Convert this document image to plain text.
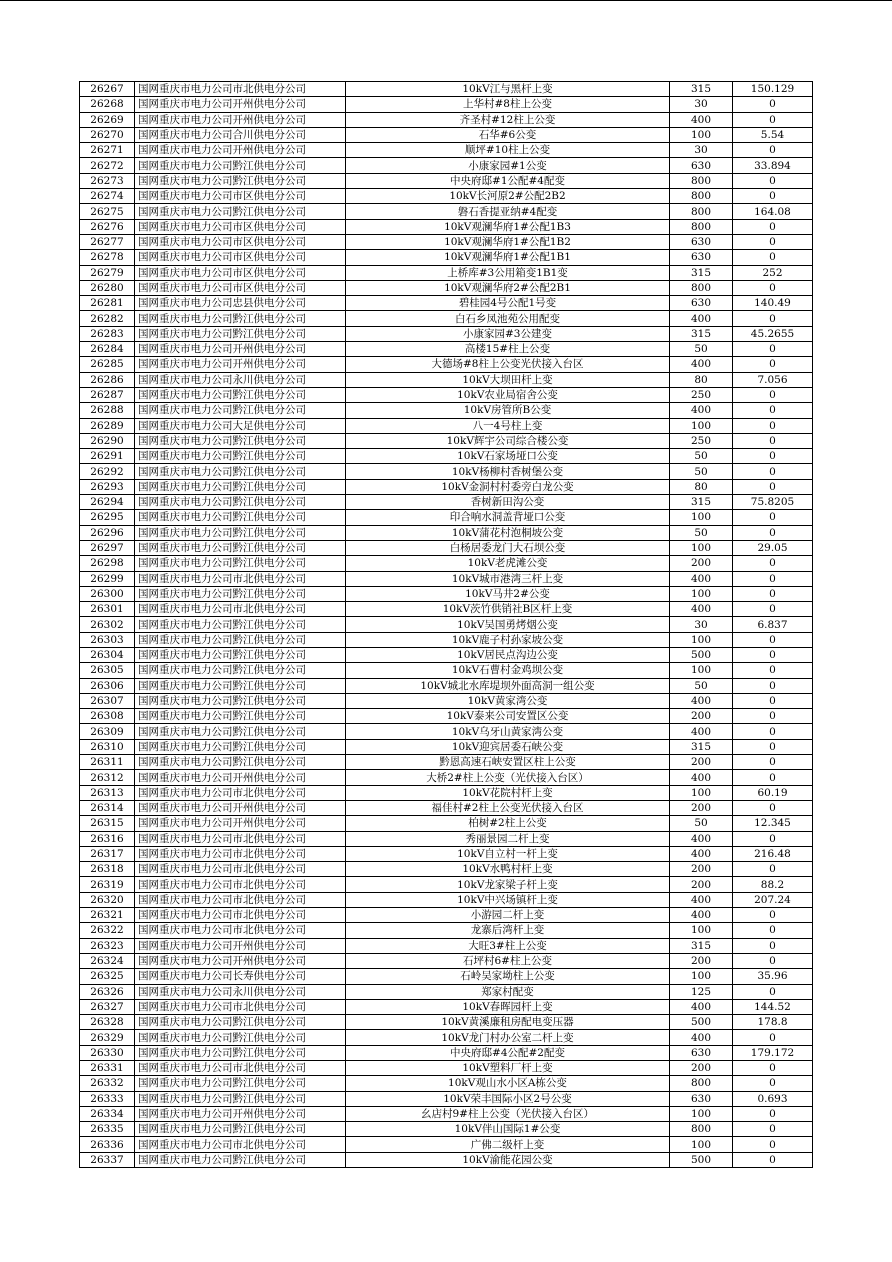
26267	国网重庆市电力公司市北供电分公司	10kV江与黑杆上变	315	150.129
26268	国网重庆市电力公司开州供电分公司	上华村#8柱上公变	30	0
26269	国网重庆市电力公司开州供电分公司	齐圣村#12柱上公变	400	0
26270	国网重庆市电力公司合川供电分公司	石华#6公变	100	5.54
26271	国网重庆市电力公司开州供电分公司	顺坪#10柱上公变	30	0
26272	国网重庆市电力公司黔江供电分公司	小康家园#1公变	630	33.894
26273	国网重庆市电力公司黔江供电分公司	中央府邸#1公配#4配变	800	0
26274	国网重庆市电力公司市区供电分公司	10kV长河原2#公配2B2	800	0
26275	国网重庆市电力公司黔江供电分公司	磐石香提亚纳#4配变	800	164.08
26276	国网重庆市电力公司市区供电分公司	10kV观澜华府1#公配1B3	800	0
26277	国网重庆市电力公司市区供电分公司	10kV观澜华府1#公配1B2	630	0
26278	国网重庆市电力公司市区供电分公司	10kV观澜华府1#公配1B1	630	0
26279	国网重庆市电力公司市区供电分公司	上桥库#3公用箱变1B1变	315	252
26280	国网重庆市电力公司市区供电分公司	10kV观澜华府2#公配2B1	800	0
26281	国网重庆市电力公司忠县供电分公司	碧桂园4号公配1号变	630	140.49
26282	国网重庆市电力公司黔江供电分公司	白石乡凤池苑公用配变	400	0
26283	国网重庆市电力公司黔江供电分公司	小康家园#3公建变	315	45.2655
26284	国网重庆市电力公司开州供电分公司	高楼15#柱上公变	50	0
26285	国网重庆市电力公司开州供电分公司	大德场#8柱上公变光伏接入台区	400	0
26286	国网重庆市电力公司永川供电分公司	10kV大坝田杆上变	80	7.056
26287	国网重庆市电力公司黔江供电分公司	10kV农业局宿舍公变	250	0
26288	国网重庆市电力公司黔江供电分公司	10kV房管所B公变	400	0
26289	国网重庆市电力公司大足供电分公司	八一4号柱上变	100	0
26290	国网重庆市电力公司黔江供电分公司	10kV辉宇公司综合楼公变	250	0
26291	国网重庆市电力公司黔江供电分公司	10kV石家场垭口公变	50	0
26292	国网重庆市电力公司黔江供电分公司	10kV杨柳村香树堡公变	50	0
26293	国网重庆市电力公司黔江供电分公司	10kV金洞村村委旁白龙公变	80	0
26294	国网重庆市电力公司黔江供电分公司	香树新田沟公变	315	75.8205
26295	国网重庆市电力公司黔江供电分公司	印合响水洞盖背垭口公变	100	0
26296	国网重庆市电力公司黔江供电分公司	10kV蒲花村泡桐坡公变	50	0
26297	国网重庆市电力公司黔江供电分公司	白杨居委龙门大石坝公变	100	29.05
26298	国网重庆市电力公司黔江供电分公司	10kV老虎滩公变	200	0
26299	国网重庆市电力公司市北供电分公司	10kV城市港湾三杆上变	400	0
26300	国网重庆市电力公司黔江供电分公司	10kV马井2#公变	100	0
26301	国网重庆市电力公司市北供电分公司	10kV茨竹供销社B区杆上变	400	0
26302	国网重庆市电力公司黔江供电分公司	10kV吴国勇烤烟公变	30	6.837
26303	国网重庆市电力公司黔江供电分公司	10kV鹿子村孙家坡公变	100	0
26304	国网重庆市电力公司黔江供电分公司	10kV居民点沟边公变	500	0
26305	国网重庆市电力公司黔江供电分公司	10kV石曹村金鸡坝公变	100	0
26306	国网重庆市电力公司黔江供电分公司	10kV城北水库堤坝外面高洞一组公变	50	0
26307	国网重庆市电力公司黔江供电分公司	10kV黄家湾公变	400	0
26308	国网重庆市电力公司黔江供电分公司	10kV泰来公司安置区公变	200	0
26309	国网重庆市电力公司黔江供电分公司	10kV乌牙山黄家湾公变	400	0
26310	国网重庆市电力公司黔江供电分公司	10kV迎宾居委石峡公变	315	0
26311	国网重庆市电力公司黔江供电分公司	黔恩高速石峡安置区柱上公变	200	0
26312	国网重庆市电力公司开州供电分公司	大桥2#柱上公变（光伏接入台区）	400	0
26313	国网重庆市电力公司市北供电分公司	10kV花院村杆上变	100	60.19
26314	国网重庆市电力公司开州供电分公司	福佳村#2柱上公变光伏接入台区	200	0
26315	国网重庆市电力公司开州供电分公司	柏树#2柱上公变	50	12.345
26316	国网重庆市电力公司市北供电分公司	秀丽景园二杆上变	400	0
26317	国网重庆市电力公司市北供电分公司	10kV自立村一杆上变	400	216.48
26318	国网重庆市电力公司市北供电分公司	10kV水鸭村杆上变	200	0
26319	国网重庆市电力公司市北供电分公司	10kV龙家梁子杆上变	200	88.2
26320	国网重庆市电力公司市北供电分公司	10kV中兴场镇杆上变	400	207.24
26321	国网重庆市电力公司市北供电分公司	小游园二杆上变	400	0
26322	国网重庆市电力公司市北供电分公司	龙寨后湾杆上变	100	0
26323	国网重庆市电力公司开州供电分公司	大旺3#柱上公变	315	0
26324	国网重庆市电力公司开州供电分公司	石坪村6#柱上公变	200	0
26325	国网重庆市电力公司长寿供电分公司	石岭吴家坳柱上公变	100	35.96
26326	国网重庆市电力公司永川供电分公司	郑家村配变	125	0
26327	国网重庆市电力公司市北供电分公司	10kV春晖园杆上变	400	144.52
26328	国网重庆市电力公司黔江供电分公司	10kV黄溪廉租房配电变压器	500	178.8
26329	国网重庆市电力公司黔江供电分公司	10kV龙门村办公室二杆上变	400	0
26330	国网重庆市电力公司黔江供电分公司	中央府邸#4公配#2配变	630	179.172
26331	国网重庆市电力公司市北供电分公司	10kV塑料厂杆上变	200	0
26332	国网重庆市电力公司黔江供电分公司	10kV观山水小区A栋公变	800	0
26333	国网重庆市电力公司黔江供电分公司	10kV荣丰国际小区2号公变	630	0.693
26334	国网重庆市电力公司开州供电分公司	幺店村9#柱上公变（光伏接入台区）	100	0
26335	国网重庆市电力公司黔江供电分公司	10kV伴山国际1#公变	800	0
26336	国网重庆市电力公司市北供电分公司	广佛二级杆上变	100	0
26337	国网重庆市电力公司黔江供电分公司	10kV渝能花园公变	500	0
